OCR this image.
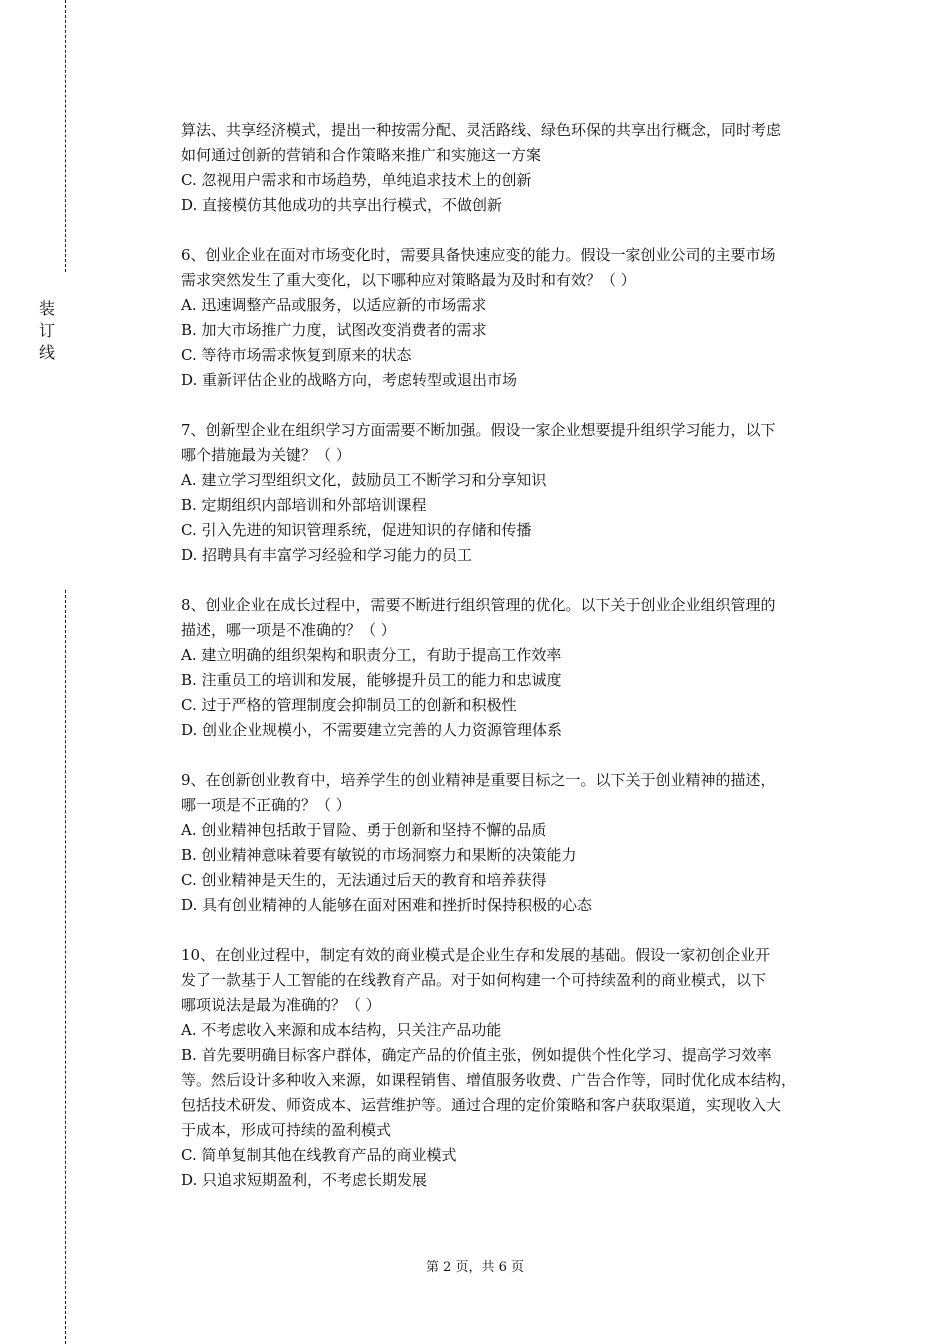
装
订
线
算法、共享经济模式，提出一种按需分配、灵活路线、绿色环保的共享出行概念，同时考虑
如何通过创新的营销和合作策略来推广和实施这一方案
C. 忽视用户需求和市场趋势，单纯追求技术上的创新
D. 直接模仿其他成功的共享出行模式，不做创新
6、创业企业在面对市场变化时，需要具备快速应变的能力。假设一家创业公司的主要市场
需求突然发生了重大变化，以下哪种应对策略最为及时和有效？（ ）
A. 迅速调整产品或服务，以适应新的市场需求
B. 加大市场推广力度，试图改变消费者的需求
C. 等待市场需求恢复到原来的状态
D. 重新评估企业的战略方向，考虑转型或退出市场
7、创新型企业在组织学习方面需要不断加强。假设一家企业想要提升组织学习能力，以下
哪个措施最为关键？（ ）
A. 建立学习型组织文化，鼓励员工不断学习和分享知识
B. 定期组织内部培训和外部培训课程
C. 引入先进的知识管理系统，促进知识的存储和传播
D. 招聘具有丰富学习经验和学习能力的员工
8、创业企业在成长过程中，需要不断进行组织管理的优化。以下关于创业企业组织管理的
描述，哪一项是不准确的？（ ）
A. 建立明确的组织架构和职责分工，有助于提高工作效率
B. 注重员工的培训和发展，能够提升员工的能力和忠诚度
C. 过于严格的管理制度会抑制员工的创新和积极性
D. 创业企业规模小，不需要建立完善的人力资源管理体系
9、在创新创业教育中，培养学生的创业精神是重要目标之一。以下关于创业精神的描述，
哪一项是不正确的？（ ）
A. 创业精神包括敢于冒险、勇于创新和坚持不懈的品质
B. 创业精神意味着要有敏锐的市场洞察力和果断的决策能力
C. 创业精神是天生的，无法通过后天的教育和培养获得
D. 具有创业精神的人能够在面对困难和挫折时保持积极的心态
10、在创业过程中，制定有效的商业模式是企业生存和发展的基础。假设一家初创企业开
发了一款基于人工智能的在线教育产品。对于如何构建一个可持续盈利的商业模式，以下
哪项说法是最为准确的？（ ）
A. 不考虑收入来源和成本结构，只关注产品功能
B. 首先要明确目标客户群体，确定产品的价值主张，例如提供个性化学习、提高学习效率
等。然后设计多种收入来源，如课程销售、增值服务收费、广告合作等，同时优化成本结构，
包括技术研发、师资成本、运营维护等。通过合理的定价策略和客户获取渠道，实现收入大
于成本，形成可持续的盈利模式
C. 简单复制其他在线教育产品的商业模式
D. 只追求短期盈利，不考虑长期发展
第 2 页，共 6 页
